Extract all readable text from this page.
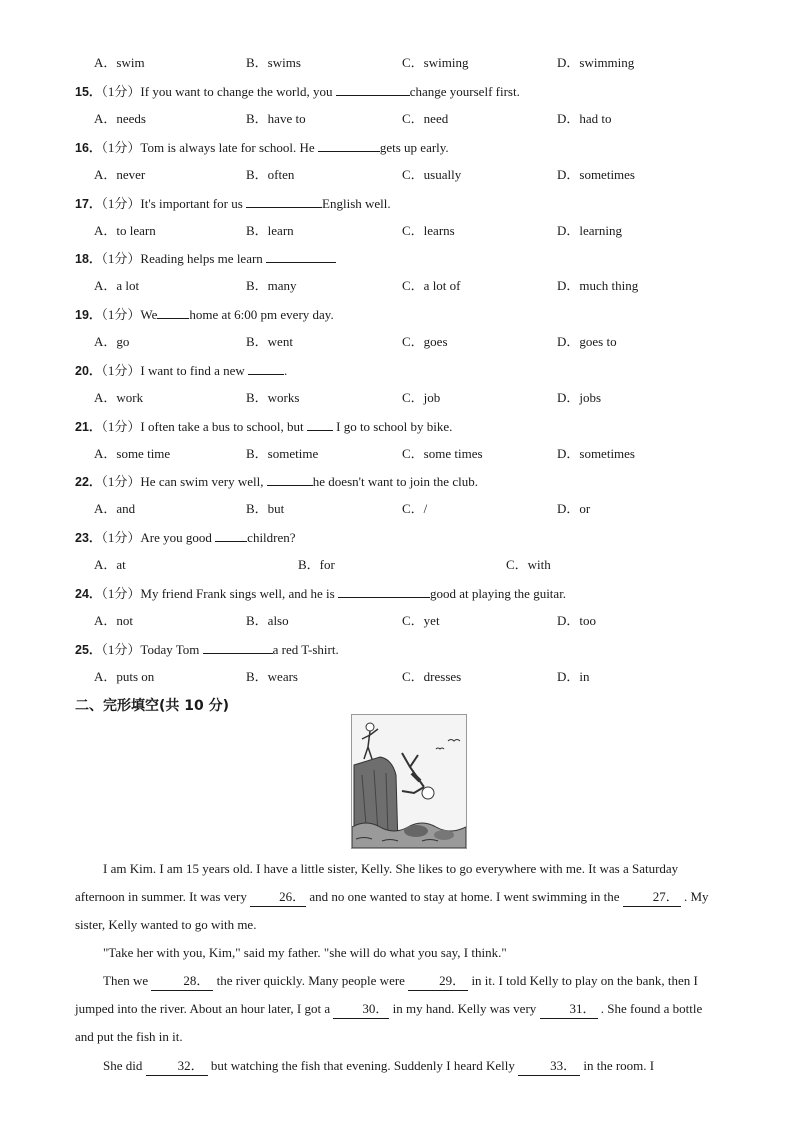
A．swim	B．swims	C．swiming	D．swimming
15．（1分）If you want to change the world, you	change yourself first.
A．needs	B．have to	C．need	D．had to
16．（1分）Tom is always late for school. He	gets up early.
A．never	B．often	C．usually	D．sometimes
17．（1分）It's important for us	English well.
A．to learn	B．learn	C．learns	D．learning
18．（1分）Reading helps me learn
A．a lot	B．many	C．a lot of	D．much thing
19．（1分）We home at 6:00 pm every day.
A．go	B．went	C．goes	D．goes to
20．（1分）I want to find a new	.
A．work	B．works	C．job	D．jobs
21．（1分）I often take a bus to school, but  I go to school by bike.
A．some time	B．sometime	C．some times	D．sometimes
22．（1分）He can swim very well,	he doesn't want to join the club.
A．and	B．but	C．/	D．or
23．（1分）Are you good children?
A．at	B．for	C．with
24．（1分）My friend Frank sings well, and he is	good at playing the guitar.
A．not	B．also	C．yet	D．too
25．（1分）Today Tom	a red T-shirt.
A．puts on	B．wears	C．dresses	D．in
二、完形填空(共 10 分)
I am Kim. I am 15 years old. I have a little sister, Kelly. She likes to go everywhere with me. It was a Saturday afternoon in summer. It was very 26． and no one wanted to stay at home. I went swimming in the 27． . My sister, Kelly wanted to go with me.
"Take her with you, Kim," said my father. "she will do what you say, I think."
Then we 28． the river quickly. Many people were 29． in it. I told Kelly to play on the bank, then I jumped into the river. About an hour later, I got a 30． in my hand. Kelly was very 31． . She found a bottle and put the fish in it.
She did 32． but watching the fish that evening. Suddenly I heard Kelly 33． in the room. I
